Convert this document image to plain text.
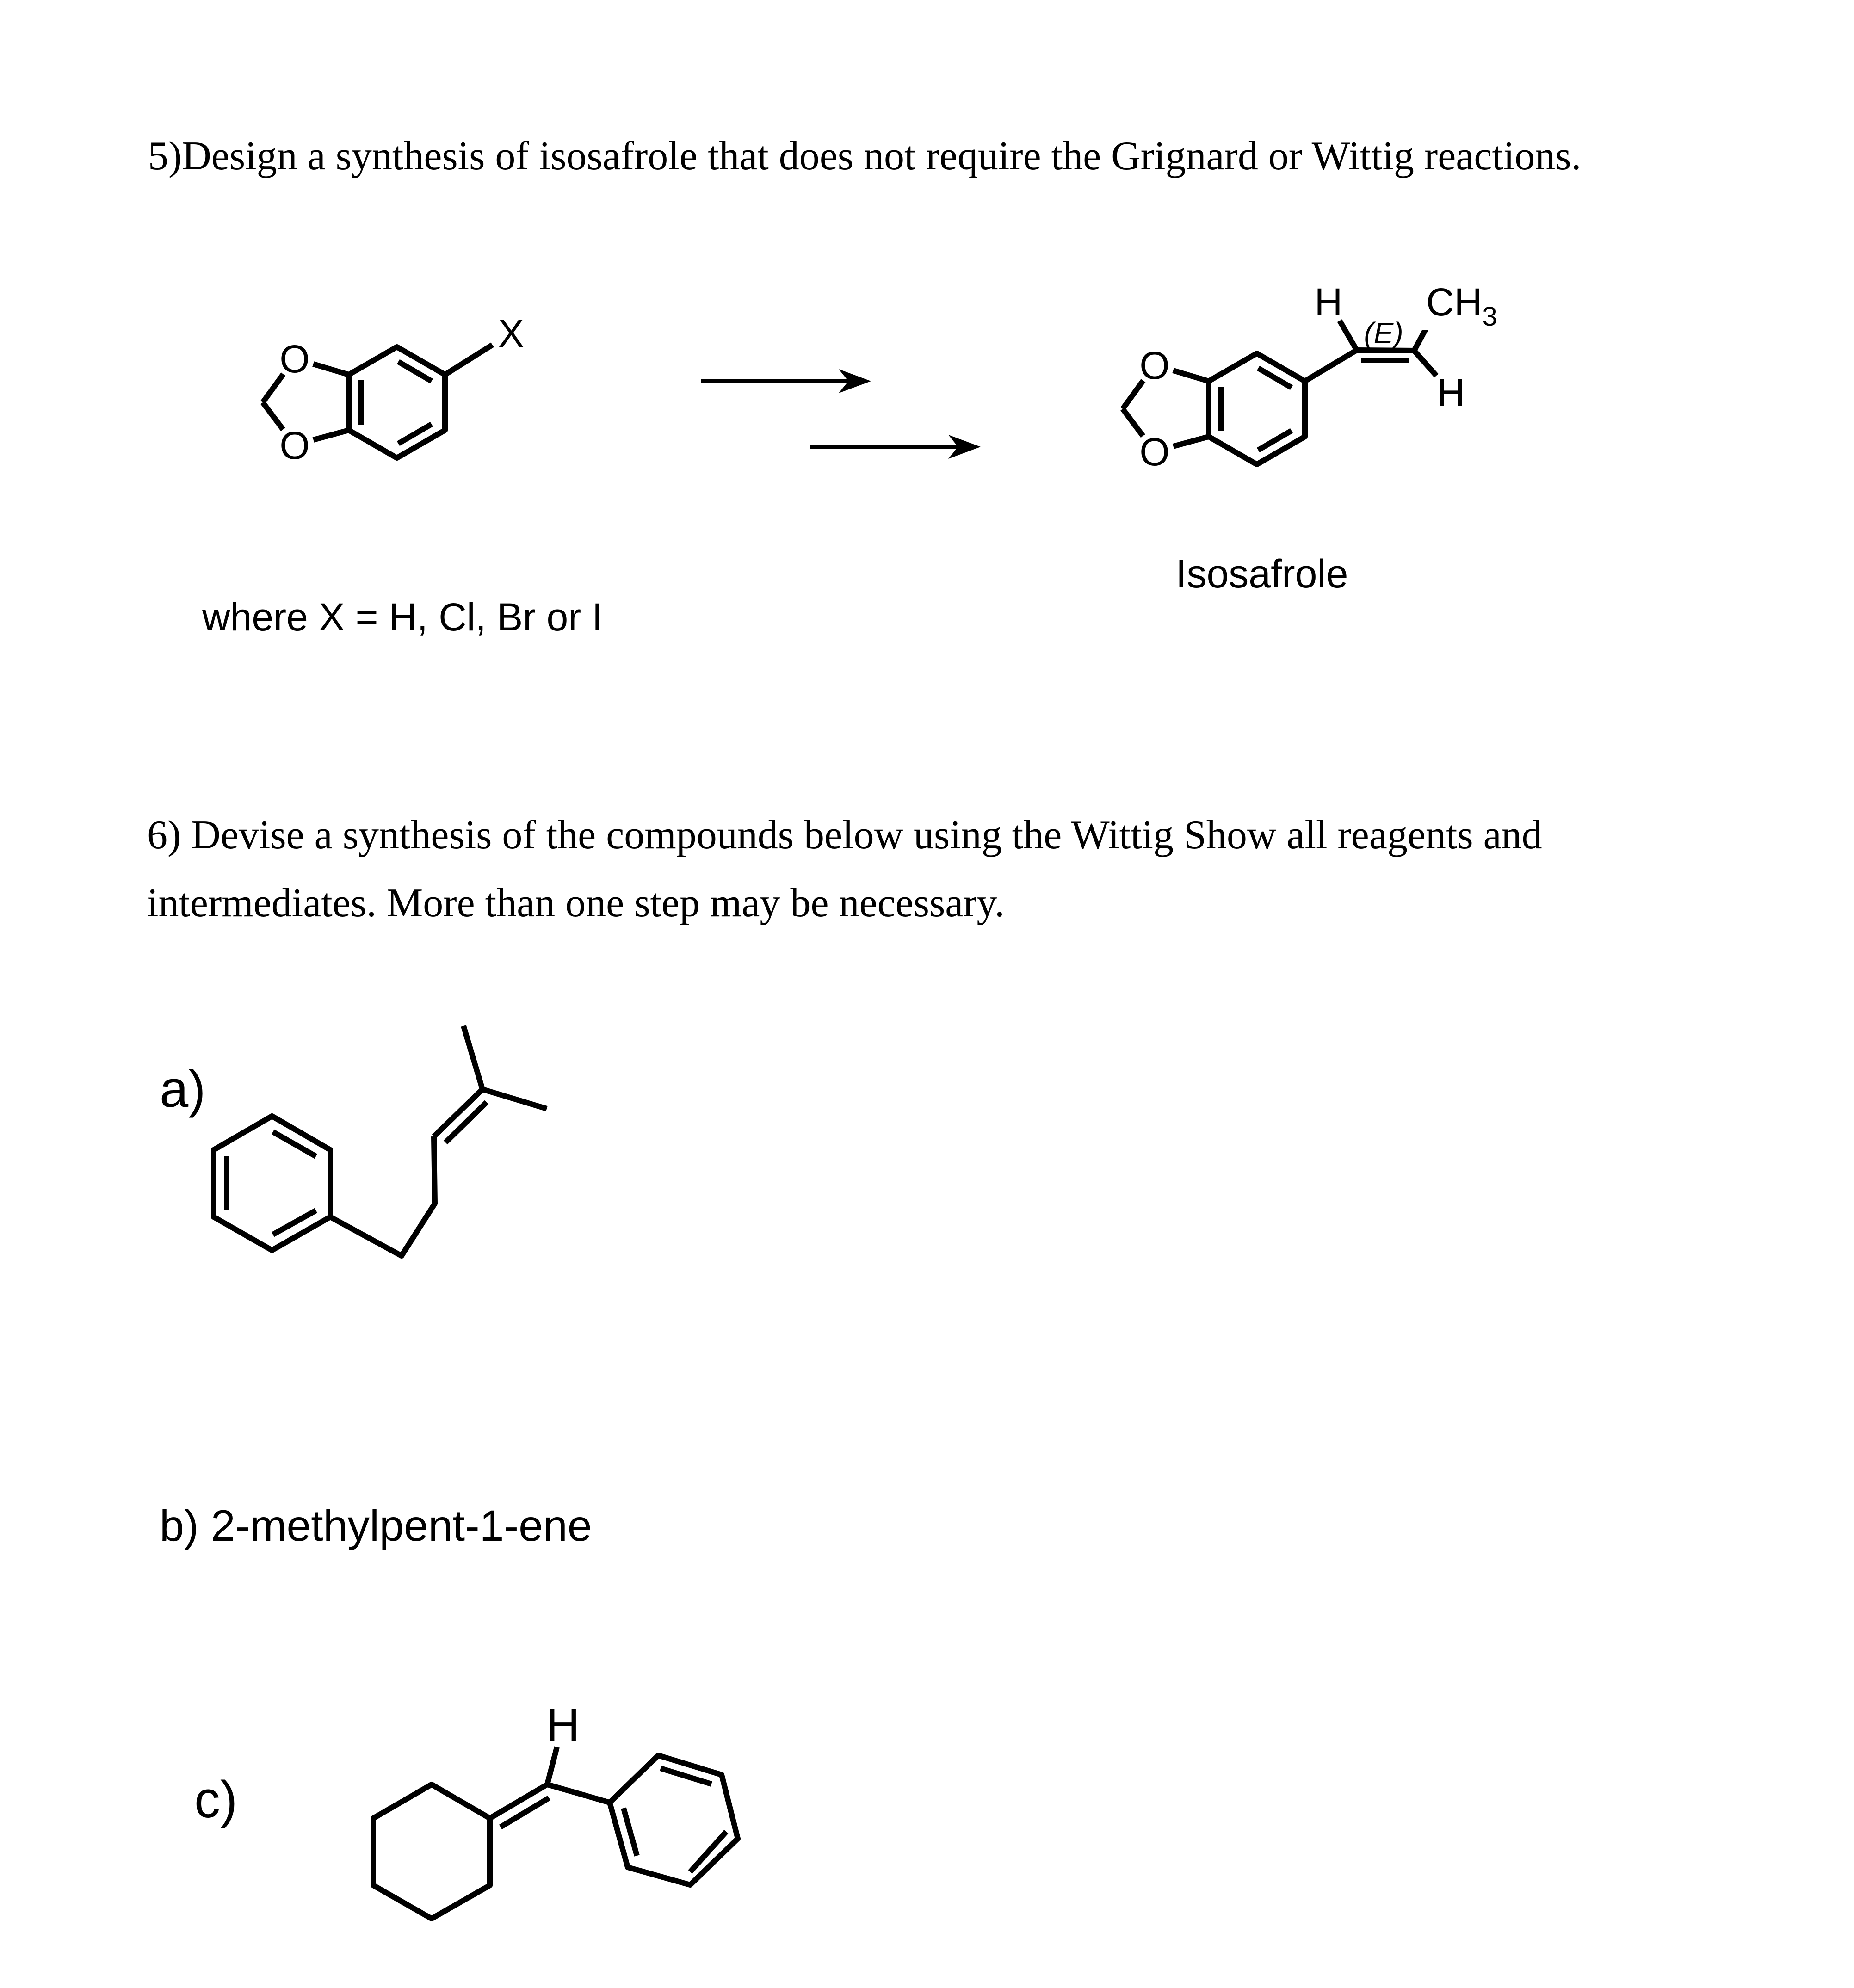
5)Design a synthesis of isosafrole that does not require the Grignard or Wittig reactions.
6) Devise a synthesis of the compounds below using the Wittig Show all reagents and
intermediates. More than one step may be necessary.
where X = H, Cl, Br or I
Isosafrole
a)
b) 2-methylpent-1-ene
c)
O
O
X
O
O
H
(E)
$CH_3$
H
H
